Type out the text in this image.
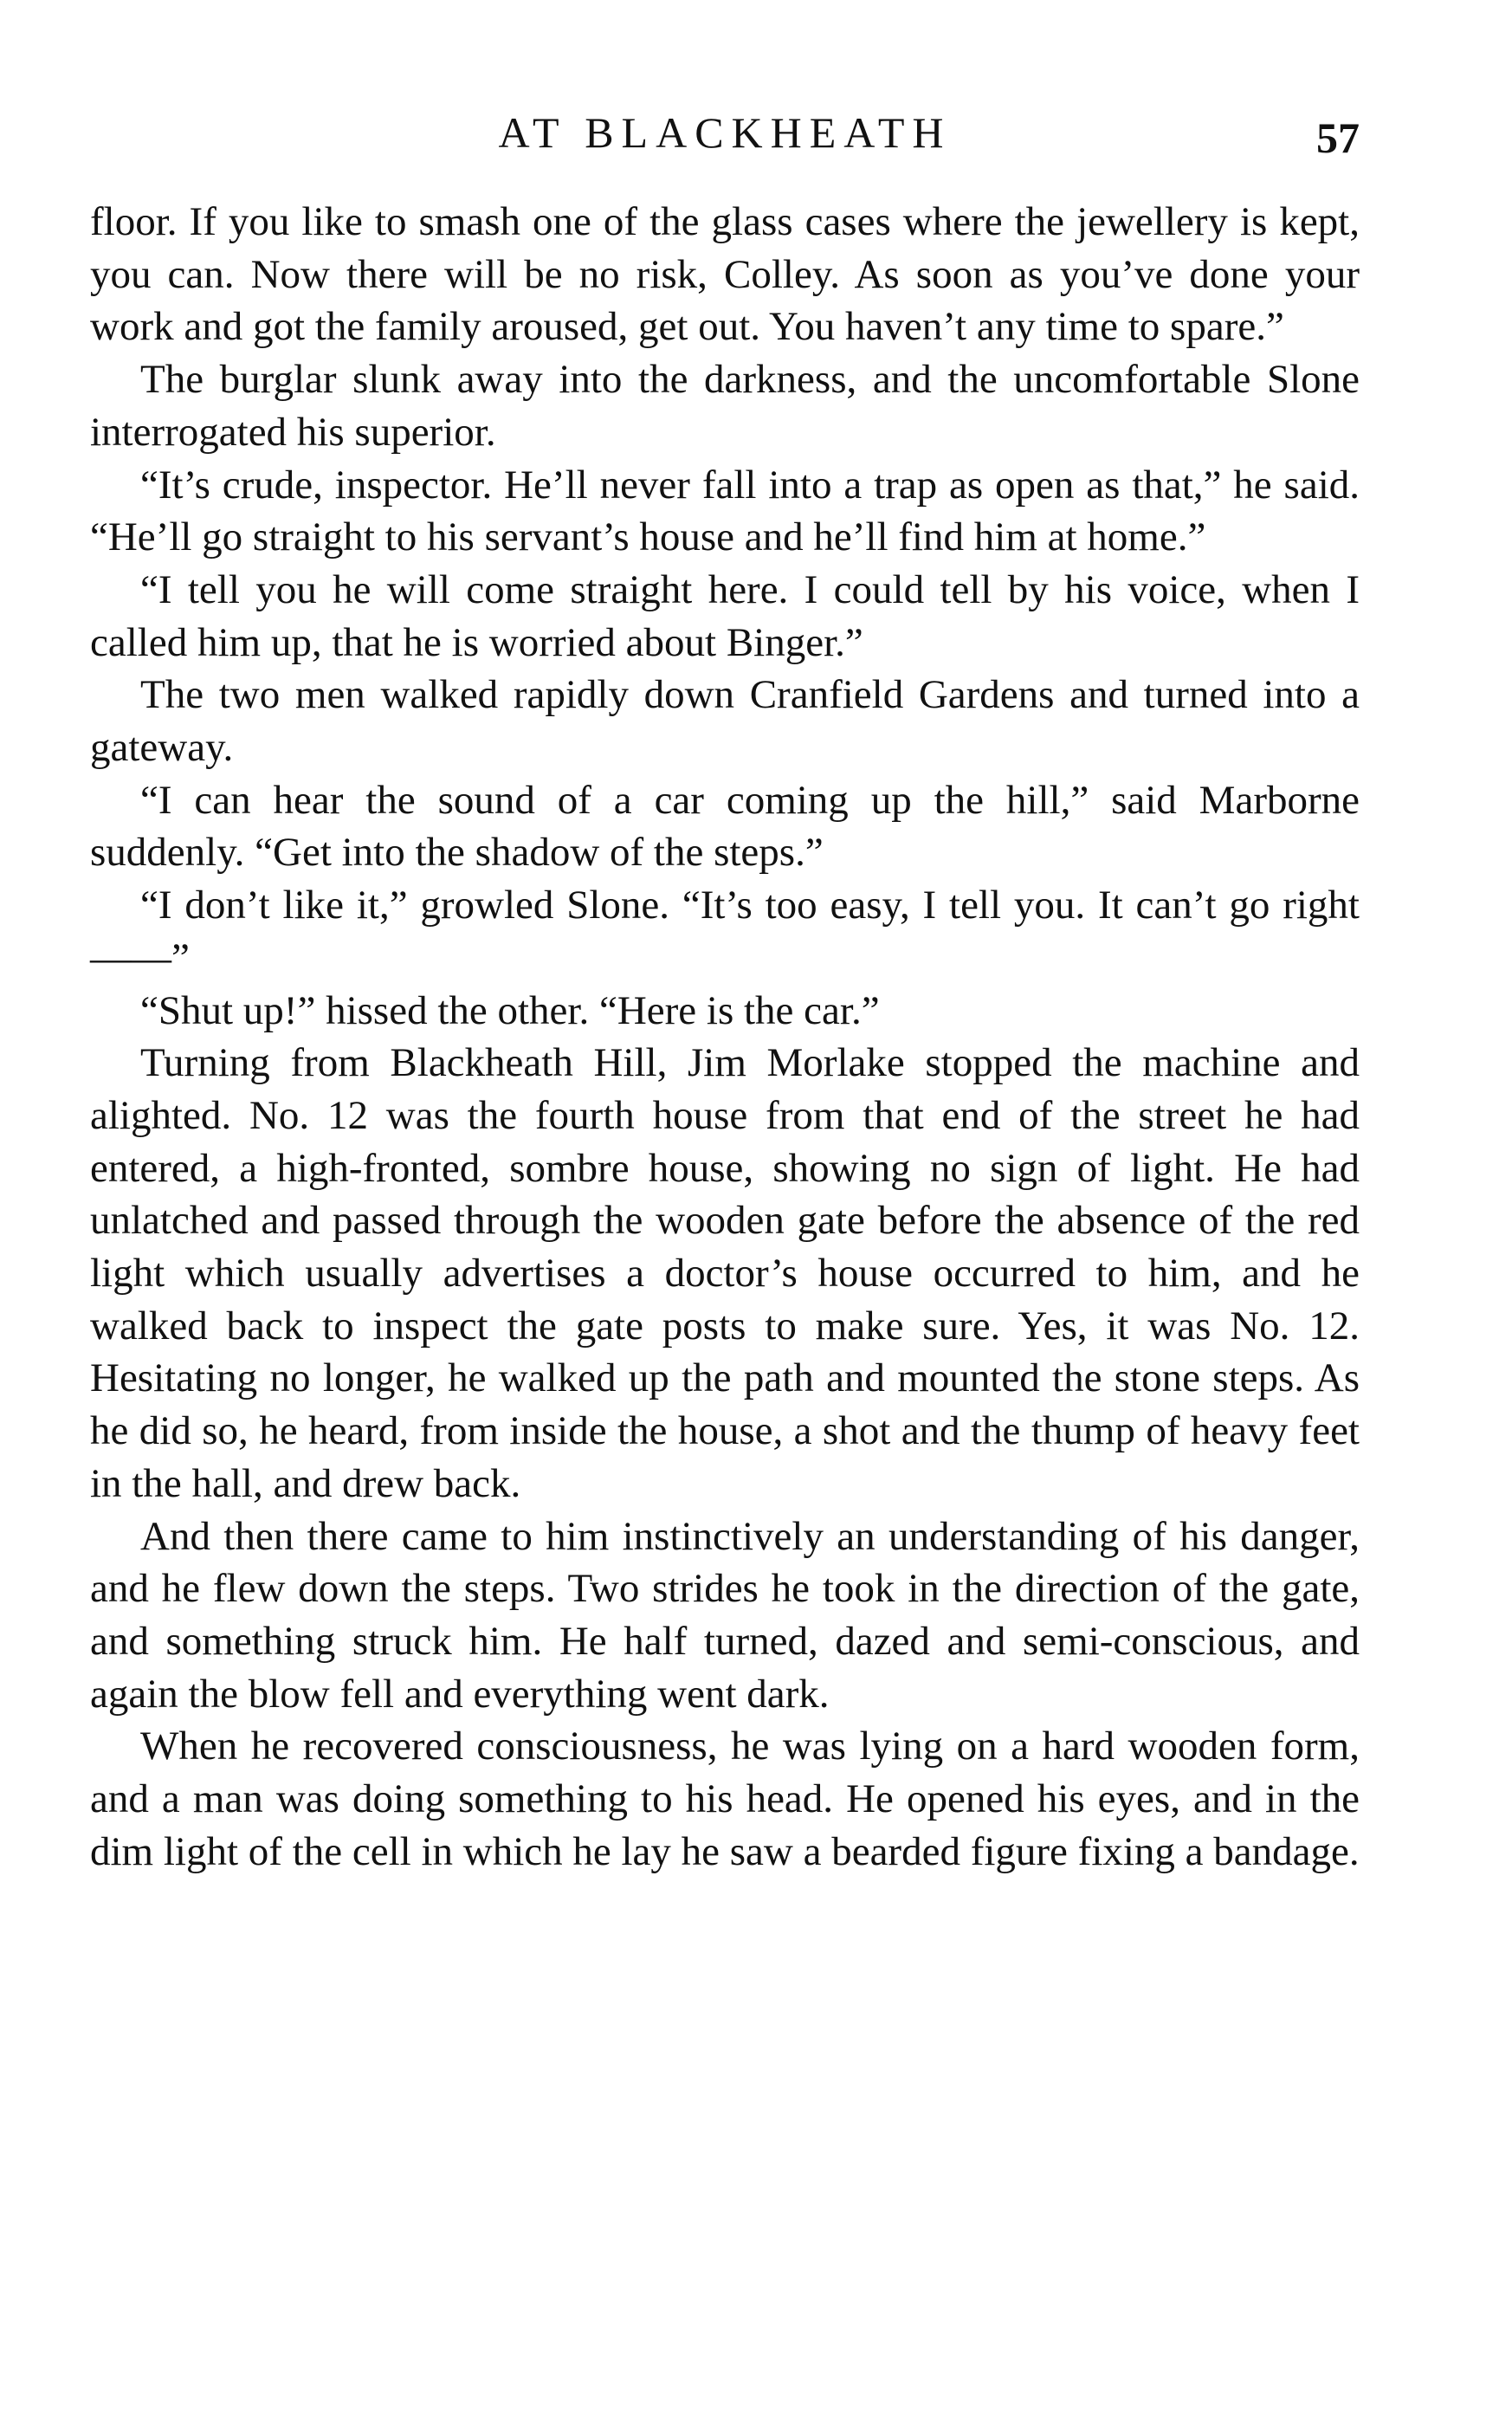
AT BLACKHEATH	57

floor. If you like to smash one of the glass cases where the jewellery is kept, you can. Now there will be no risk, Colley. As soon as you’ve done your work and got the family aroused, get out. You haven’t any time to spare.”

The burglar slunk away into the darkness, and the uncomfortable Slone interrogated his superior.

“It’s crude, inspector. He’ll never fall into a trap as open as that,” he said. “He’ll go straight to his servant’s house and he’ll find him at home.”

“I tell you he will come straight here. I could tell by his voice, when I called him up, that he is worried about Binger.”

The two men walked rapidly down Cranfield Gardens and turned into a gateway.

“I can hear the sound of a car coming up the hill,” said Marborne suddenly. “Get into the shadow of the steps.”

“I don’t like it,” growled Slone. “It’s too easy, I tell you. It can’t go right——”

“Shut up!” hissed the other. “Here is the car.”

Turning from Blackheath Hill, Jim Morlake stopped the machine and alighted. No. 12 was the fourth house from that end of the street he had entered, a high-fronted, sombre house, showing no sign of light. He had unlatched and passed through the wooden gate before the absence of the red light which usually advertises a doctor’s house occurred to him, and he walked back to inspect the gate posts to make sure. Yes, it was No. 12. Hesitating no longer, he walked up the path and mounted the stone steps. As he did so, he heard, from inside the house, a shot and the thump of heavy feet in the hall, and drew back.

And then there came to him instinctively an understanding of his danger, and he flew down the steps. Two strides he took in the direction of the gate, and something struck him. He half turned, dazed and semi-conscious, and again the blow fell and everything went dark.

When he recovered consciousness, he was lying on a hard wooden form, and a man was doing something to his head. He opened his eyes, and in the dim light of the cell in which he lay he saw a bearded figure fixing a bandage.
